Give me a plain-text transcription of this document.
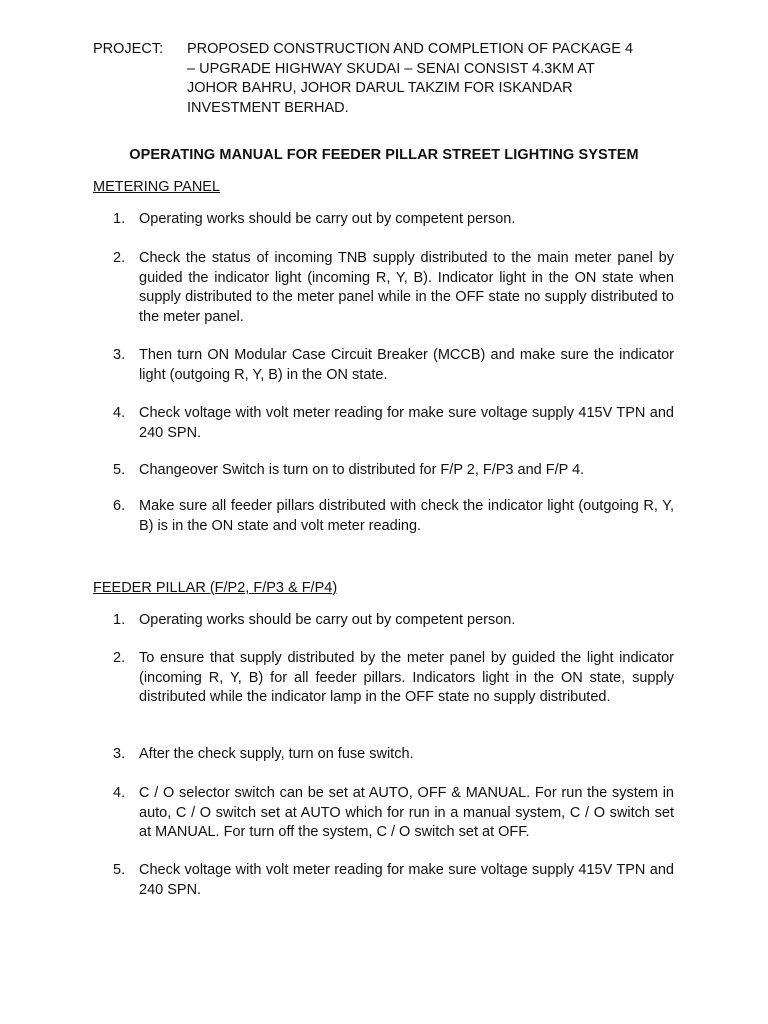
PROJECT: PROPOSED CONSTRUCTION AND COMPLETION OF PACKAGE 4
– UPGRADE HIGHWAY SKUDAI – SENAI CONSIST 4.3KM AT
JOHOR BAHRU, JOHOR DARUL TAKZIM FOR ISKANDAR
INVESTMENT BERHAD.
OPERATING MANUAL FOR FEEDER PILLAR STREET LIGHTING SYSTEM
METERING PANEL
1. Operating works should be carry out by competent person.
2. Check the status of incoming TNB supply distributed to the main meter panel by guided the indicator light (incoming R, Y, B). Indicator light in the ON state when supply distributed to the meter panel while in the OFF state no supply distributed to the meter panel.
3. Then turn ON Modular Case Circuit Breaker (MCCB) and make sure the indicator light (outgoing R, Y, B) in the ON state.
4. Check voltage with volt meter reading for make sure voltage supply 415V TPN and 240 SPN.
5. Changeover Switch is turn on to distributed for F/P 2, F/P3 and F/P 4.
6. Make sure all feeder pillars distributed with check the indicator light (outgoing R, Y, B) is in the ON state and volt meter reading.
FEEDER PILLAR (F/P2, F/P3 & F/P4)
1. Operating works should be carry out by competent person.
2. To ensure that supply distributed by the meter panel by guided the light indicator (incoming R, Y, B) for all feeder pillars. Indicators light in the ON state, supply distributed while the indicator lamp in the OFF state no supply distributed.
3. After the check supply, turn on fuse switch.
4. C / O selector switch can be set at AUTO, OFF & MANUAL. For run the system in auto, C / O switch set at AUTO which for run in a manual system, C / O switch set at MANUAL. For turn off the system, C / O switch set at OFF.
5. Check voltage with volt meter reading for make sure voltage supply 415V TPN and 240 SPN.
